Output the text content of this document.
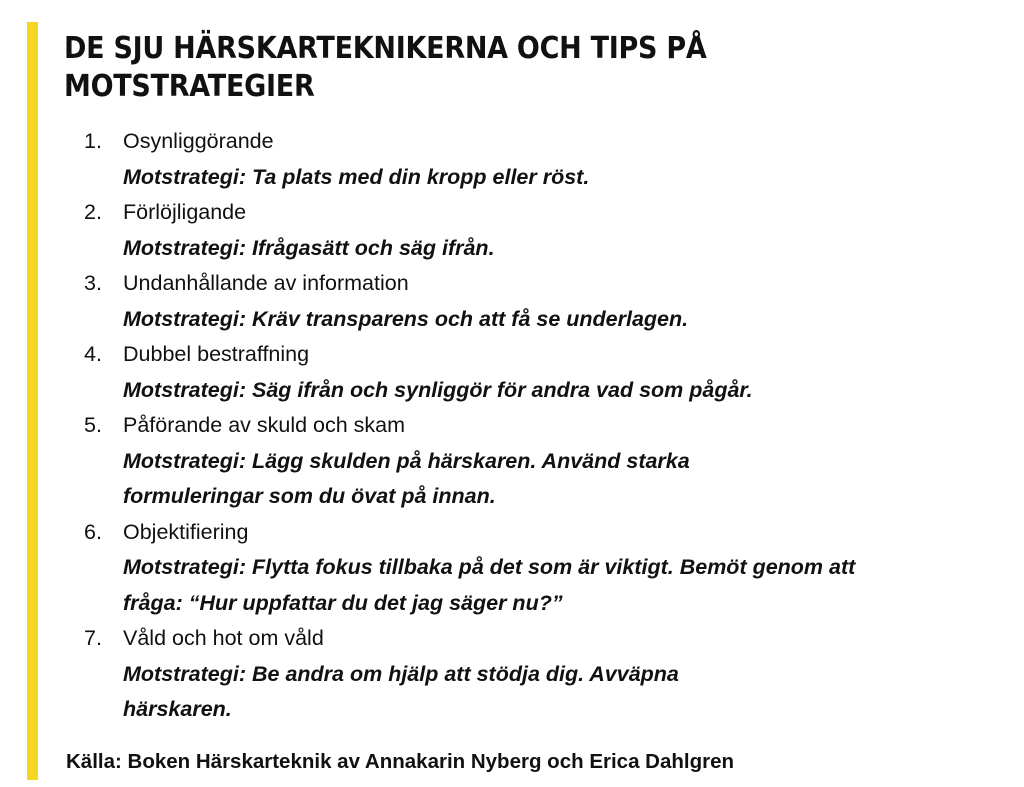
DE SJU HÄRSKARTEKNIKERNA OCH TIPS PÅ MOTSTRATEGIER
1. Osynliggörande
Motstrategi: Ta plats med din kropp eller röst.
2. Förlöjligande
Motstrategi: Ifrågasätt och säg ifrån.
3. Undanhållande av information
Motstrategi: Kräv transparens och att få se underlagen.
4. Dubbel bestraffning
Motstrategi: Säg ifrån och synliggör för andra vad som pågår.
5. Påförande av skuld och skam
Motstrategi: Lägg skulden på härskaren. Använd starka formuleringar som du övat på innan.
6. Objektifiering
Motstrategi: Flytta fokus tillbaka på det som är viktigt. Bemöt genom att fråga: “Hur uppfattar du det jag säger nu?”
7. Våld och hot om våld
Motstrategi: Be andra om hjälp att stödja dig. Avväpna härskaren.

Källa: Boken Härskarteknik av Annakarin Nyberg och Erica Dahlgren
